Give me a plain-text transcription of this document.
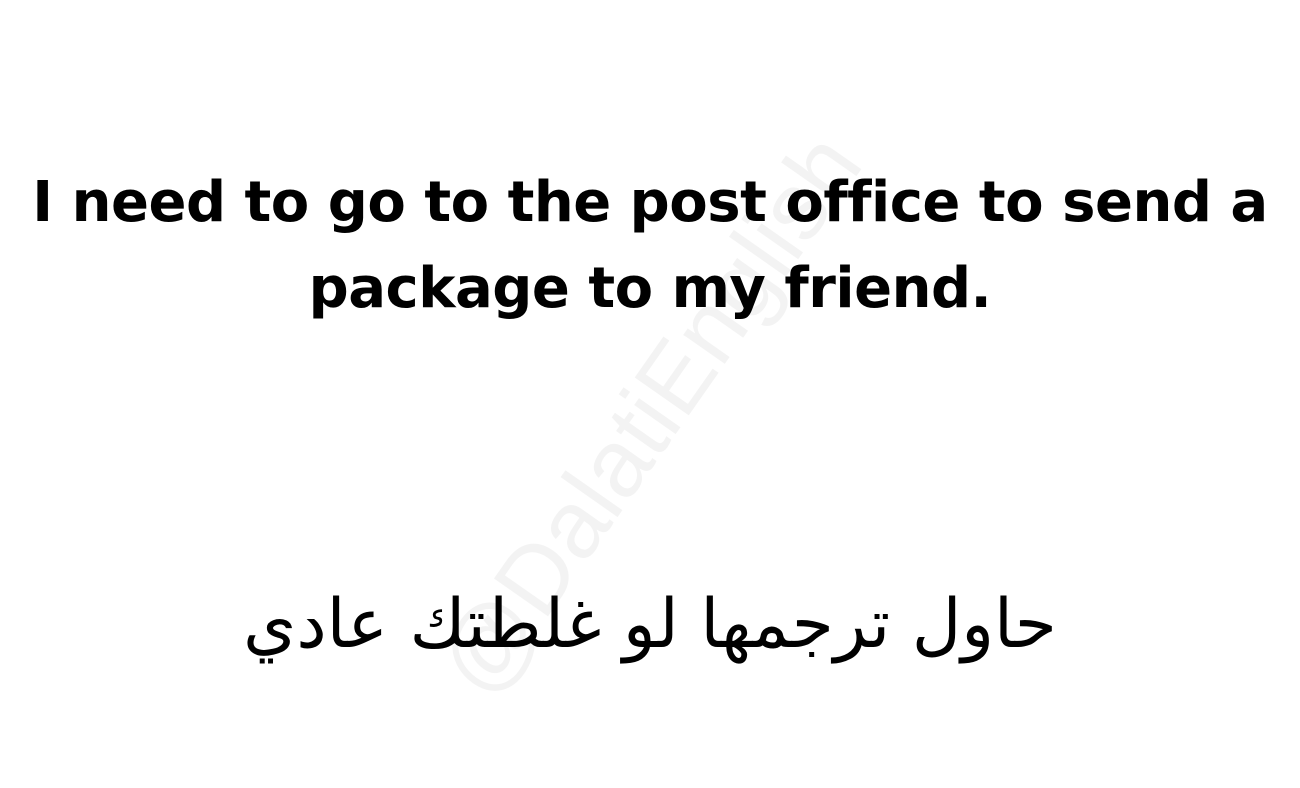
I need to go to the post office to send a package to my friend.
حاول ترجمها لو غلطتك عادي
